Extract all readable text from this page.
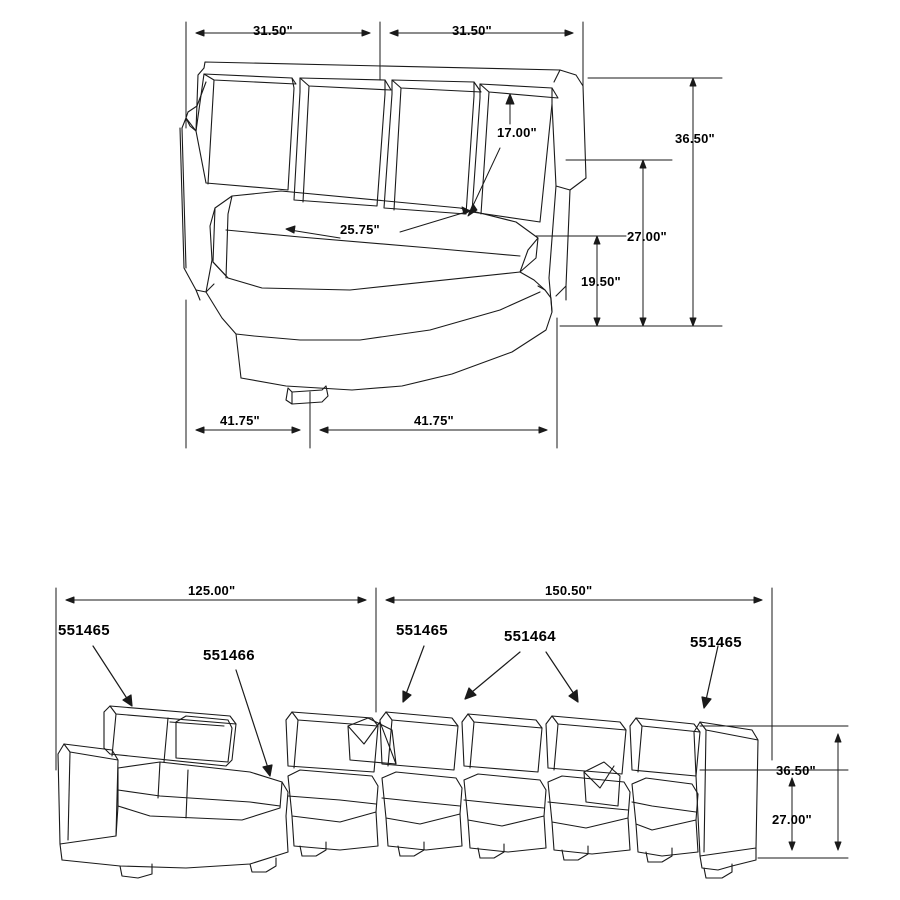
31.50"	31.50"
17.00"	36.50"
25.75"	27.00"
19.50"
41.75"	41.75"
125.00"	150.50"
36.50"
27.00"
551465
551466
551465	551464	551465
